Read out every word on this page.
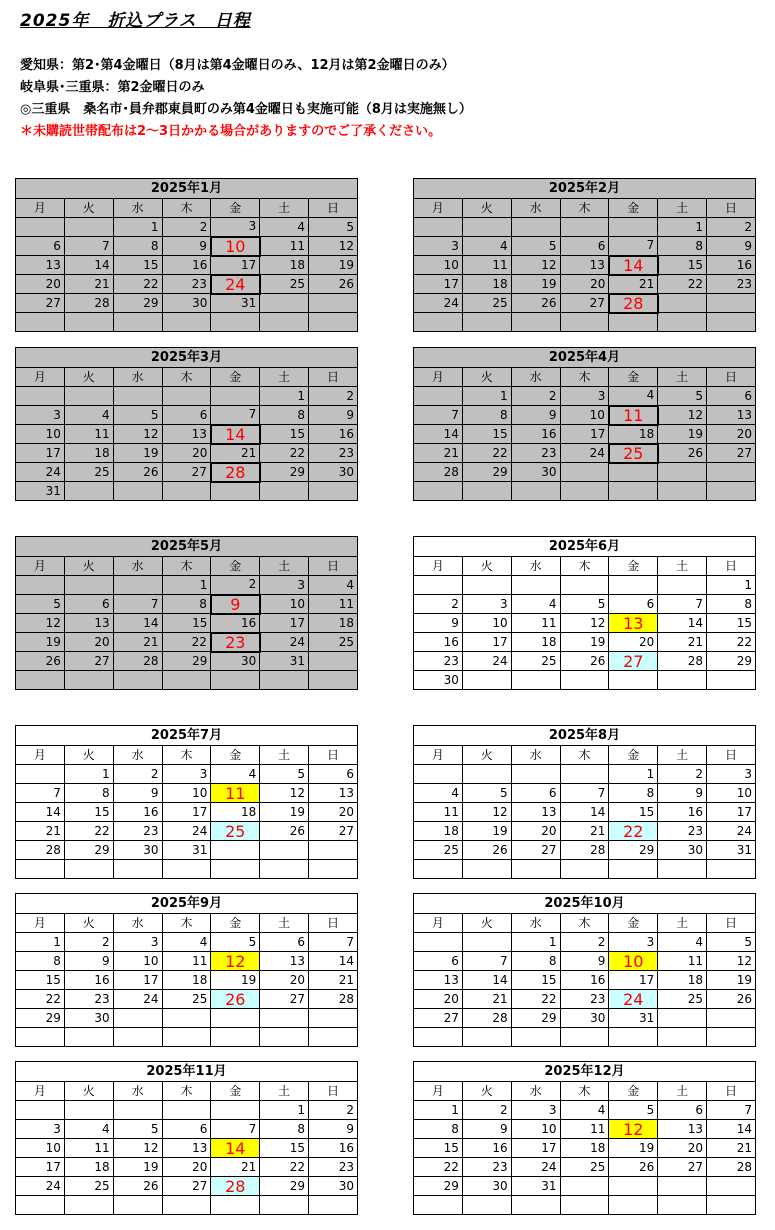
2025年　折込プラス　日程
愛知県：第2･第4金曜日（8月は第4金曜日のみ、12月は第2金曜日のみ）
岐阜県･三重県：第2金曜日のみ
◎三重県　桑名市･員弁郡東員町のみ第4金曜日も実施可能（8月は実施無し）
＊未購読世帯配布は2～3日かかる場合がありますのでご了承ください。
2025年1月						
月	火	水	木	金	土	日
		1	2	3	4	5
6	7	8	9	10	11	12
13	14	15	16	17	18	19
20	21	22	23	24	25	26
27	28	29	30	31		

2025年2月						
月	火	水	木	金	土	日
					1	2
3	4	5	6	7	8	9
10	11	12	13	14	15	16
17	18	19	20	21	22	23
24	25	26	27	28		

2025年3月						
月	火	水	木	金	土	日
					1	2
3	4	5	6	7	8	9
10	11	12	13	14	15	16
17	18	19	20	21	22	23
24	25	26	27	28	29	30
31						
2025年4月						
月	火	水	木	金	土	日
	1	2	3	4	5	6
7	8	9	10	11	12	13
14	15	16	17	18	19	20
21	22	23	24	25	26	27
28	29	30				

2025年5月						
月	火	水	木	金	土	日
			1	2	3	4
5	6	7	8	9	10	11
12	13	14	15	16	17	18
19	20	21	22	23	24	25
26	27	28	29	30	31	

2025年6月						
月	火	水	木	金	土	日
						1
2	3	4	5	6	7	8
9	10	11	12	13	14	15
16	17	18	19	20	21	22
23	24	25	26	27	28	29
30						
2025年7月						
月	火	水	木	金	土	日
	1	2	3	4	5	6
7	8	9	10	11	12	13
14	15	16	17	18	19	20
21	22	23	24	25	26	27
28	29	30	31			

2025年8月						
月	火	水	木	金	土	日
				1	2	3
4	5	6	7	8	9	10
11	12	13	14	15	16	17
18	19	20	21	22	23	24
25	26	27	28	29	30	31

2025年9月						
月	火	水	木	金	土	日
1	2	3	4	5	6	7
8	9	10	11	12	13	14
15	16	17	18	19	20	21
22	23	24	25	26	27	28
29	30					

2025年10月						
月	火	水	木	金	土	日
		1	2	3	4	5
6	7	8	9	10	11	12
13	14	15	16	17	18	19
20	21	22	23	24	25	26
27	28	29	30	31		

2025年11月						
月	火	水	木	金	土	日
					1	2
3	4	5	6	7	8	9
10	11	12	13	14	15	16
17	18	19	20	21	22	23
24	25	26	27	28	29	30

2025年12月						
月	火	水	木	金	土	日
1	2	3	4	5	6	7
8	9	10	11	12	13	14
15	16	17	18	19	20	21
22	23	24	25	26	27	28
29	30	31				
